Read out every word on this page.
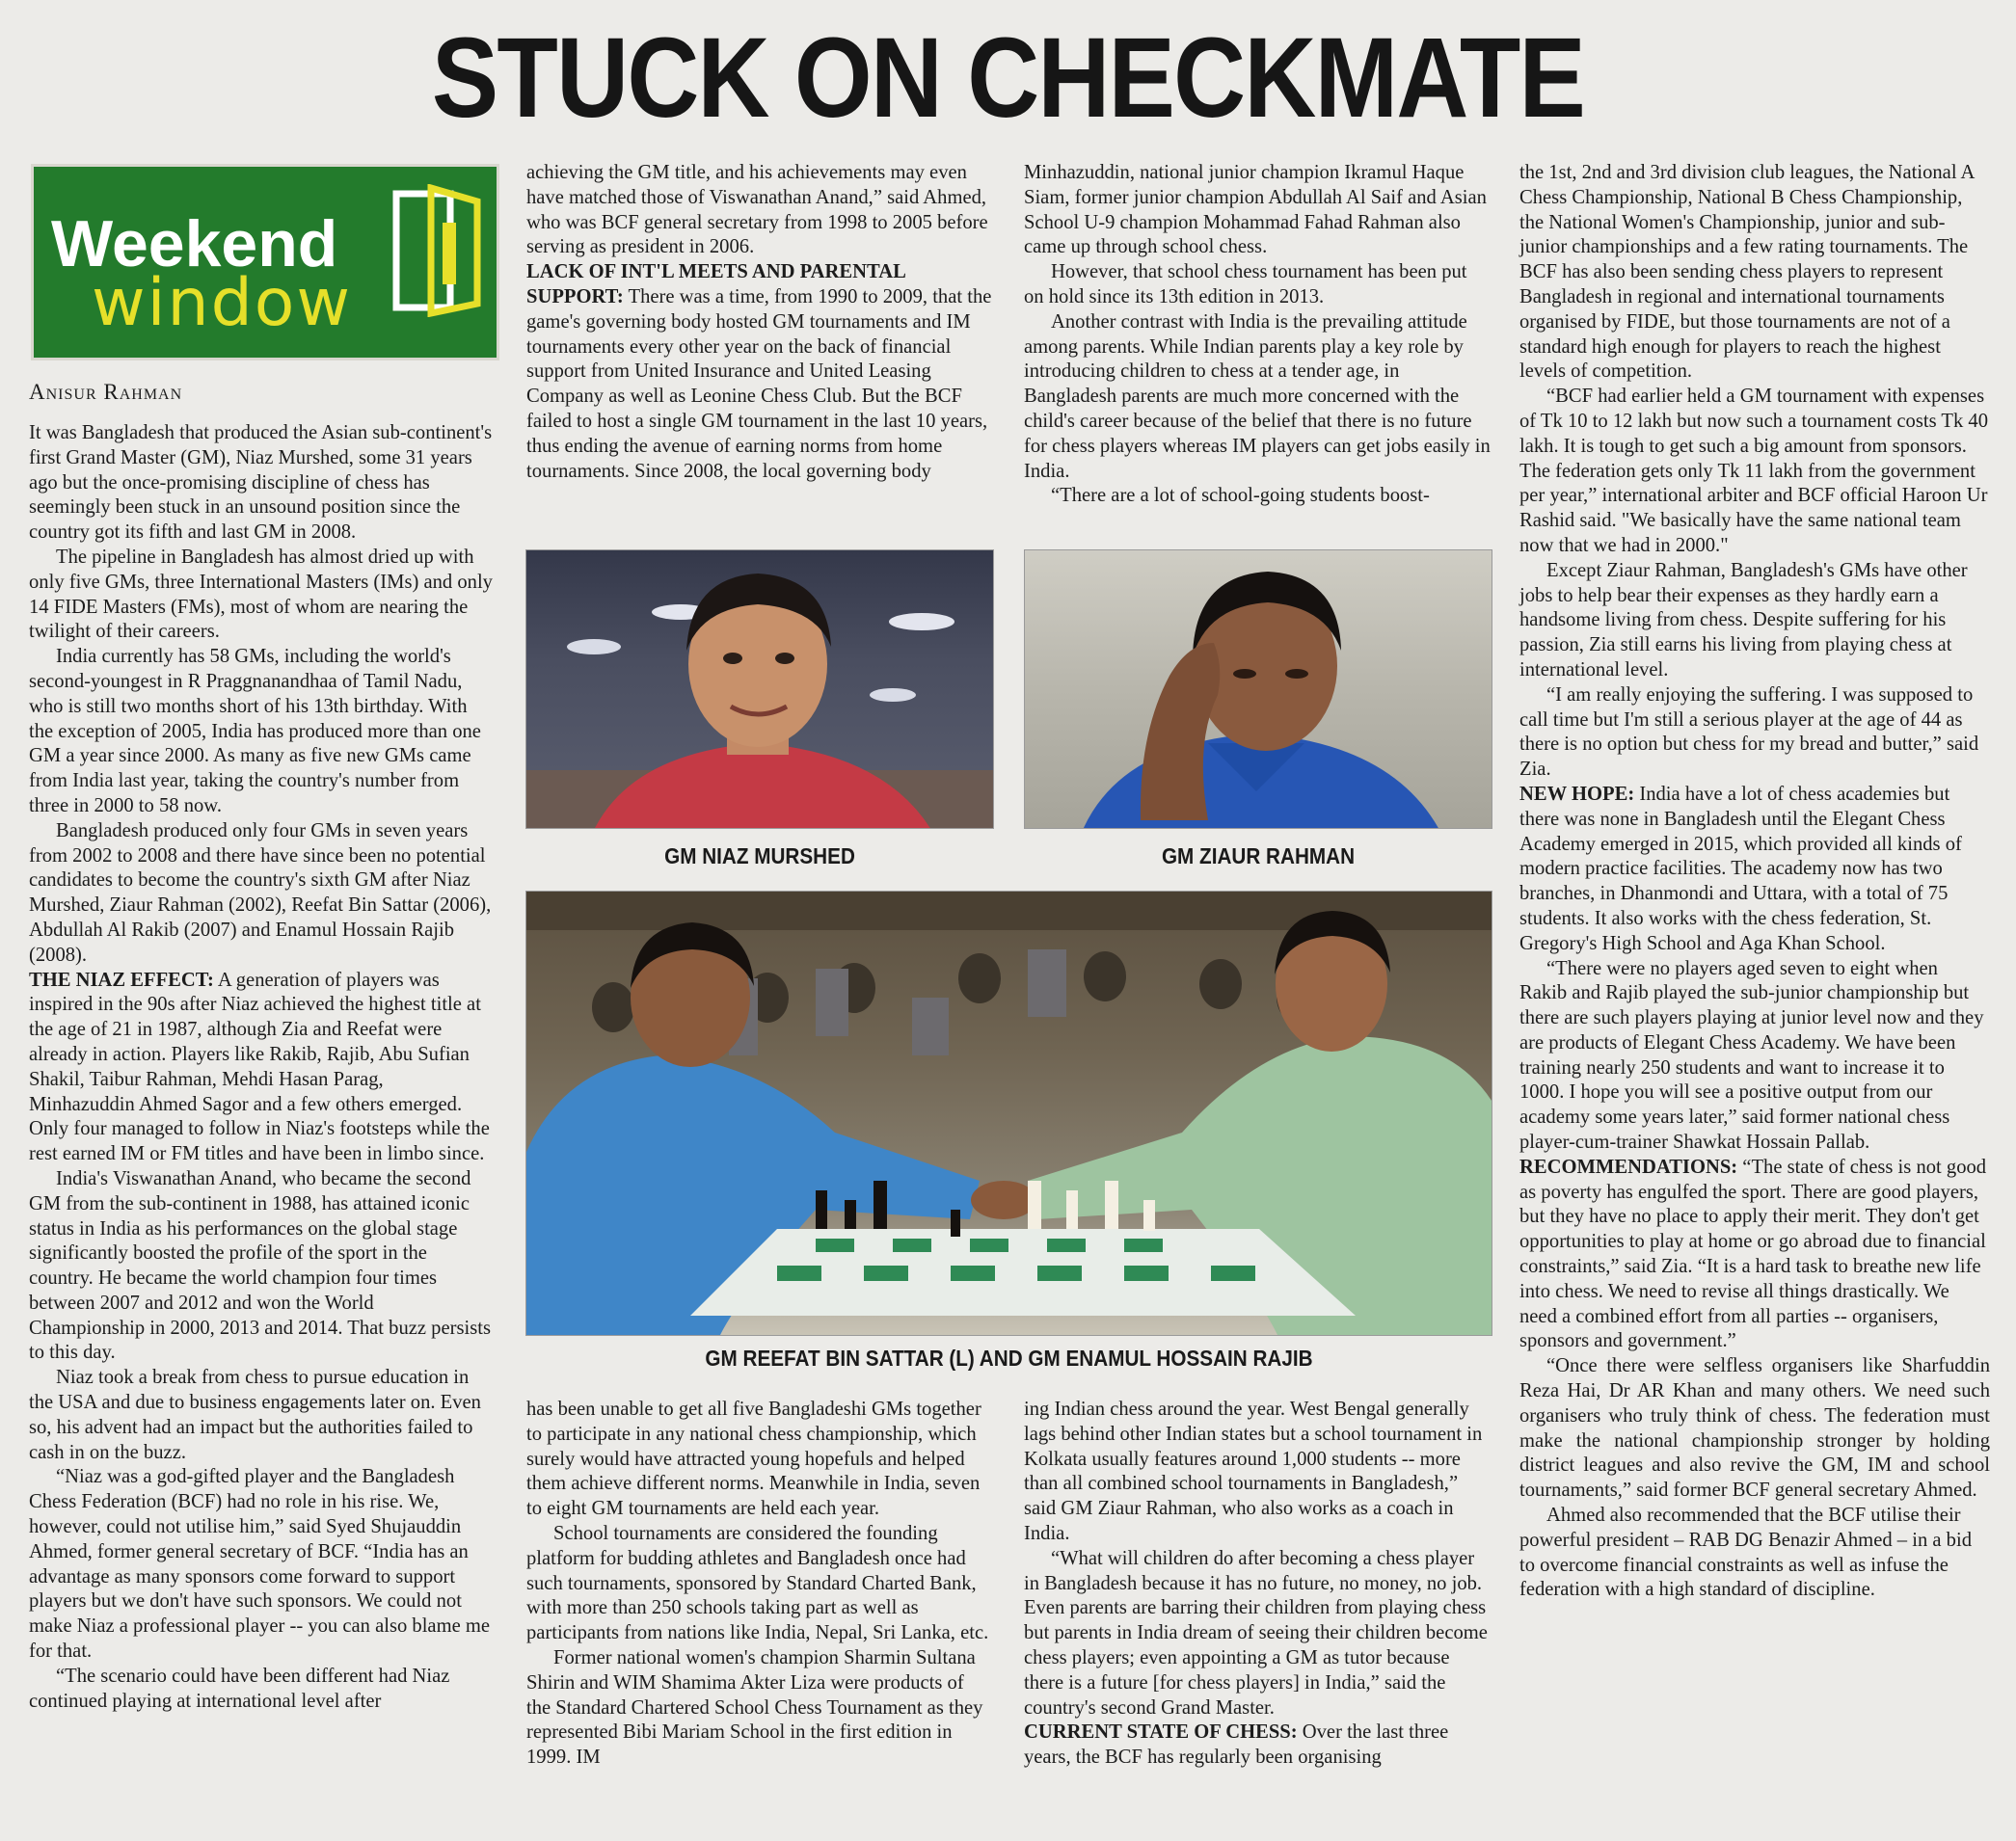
STUCK ON CHECKMATE
Weekend
window
Anisur Rahman

It was Bangladesh that produced the Asian sub-continent's first Grand Master (GM), Niaz Murshed, some 31 years ago but the once-promising discipline of chess has seemingly been stuck in an unsound position since the country got its fifth and last GM in 2008.

The pipeline in Bangladesh has almost dried up with only five GMs, three International Masters (IMs) and only 14 FIDE Masters (FMs), most of whom are nearing the twilight of their careers.

India currently has 58 GMs, including the world's second-youngest in R Praggnanandhaa of Tamil Nadu, who is still two months short of his 13th birthday. With the exception of 2005, India has produced more than one GM a year since 2000. As many as five new GMs came from India last year, taking the country's number from three in 2000 to 58 now.

Bangladesh produced only four GMs in seven years from 2002 to 2008 and there have since been no potential candidates to become the country's sixth GM after Niaz Murshed, Ziaur Rahman (2002), Reefat Bin Sattar (2006), Abdullah Al Rakib (2007) and Enamul Hossain Rajib (2008).

THE NIAZ EFFECT: A generation of players was inspired in the 90s after Niaz achieved the highest title at the age of 21 in 1987, although Zia and Reefat were already in action. Players like Rakib, Rajib, Abu Sufian Shakil, Taibur Rahman, Mehdi Hasan Parag, Minhazuddin Ahmed Sagor and a few others emerged. Only four managed to follow in Niaz's footsteps while the rest earned IM or FM titles and have been in limbo since.

India's Viswanathan Anand, who became the second GM from the sub-continent in 1988, has attained iconic status in India as his performances on the global stage significantly boosted the profile of the sport in the country. He became the world champion four times between 2007 and 2012 and won the World Championship in 2000, 2013 and 2014. That buzz persists to this day.

Niaz took a break from chess to pursue education in the USA and due to business engagements later on. Even so, his advent had an impact but the authorities failed to cash in on the buzz.

“Niaz was a god-gifted player and the Bangladesh Chess Federation (BCF) had no role in his rise. We, however, could not utilise him,” said Syed Shujauddin Ahmed, former general secretary of BCF. “India has an advantage as many sponsors come forward to support players but we don't have such sponsors. We could not make Niaz a professional player -- you can also blame me for that.

“The scenario could have been different had Niaz continued playing at international level after

achieving the GM title, and his achievements may even have matched those of Viswanathan Anand,” said Ahmed, who was BCF general secretary from 1998 to 2005 before serving as president in 2006.

LACK OF INT'L MEETS AND PARENTAL SUPPORT: There was a time, from 1990 to 2009, that the game's governing body hosted GM tournaments and IM tournaments every other year on the back of financial support from United Insurance and United Leasing Company as well as Leonine Chess Club. But the BCF failed to host a single GM tournament in the last 10 years, thus ending the avenue of earning norms from home tournaments. Since 2008, the local governing body

Minhazuddin, national junior champion Ikramul Haque Siam, former junior champion Abdullah Al Saif and Asian School U-9 champion Mohammad Fahad Rahman also came up through school chess.

However, that school chess tournament has been put on hold since its 13th edition in 2013.

Another contrast with India is the prevailing attitude among parents. While Indian parents play a key role by introducing children to chess at a tender age, in Bangladesh parents are much more concerned with the child's career because of the belief that there is no future for chess players whereas IM players can get jobs easily in India.

“There are a lot of school-going students boost-

GM NIAZ MURSHED	GM ZIAUR RAHMAN
GM REEFAT BIN SATTAR (L) AND GM ENAMUL HOSSAIN RAJIB

has been unable to get all five Bangladeshi GMs together to participate in any national chess championship, which surely would have attracted young hopefuls and helped them achieve different norms. Meanwhile in India, seven to eight GM tournaments are held each year.

School tournaments are considered the founding platform for budding athletes and Bangladesh once had such tournaments, sponsored by Standard Charted Bank, with more than 250 schools taking part as well as participants from nations like India, Nepal, Sri Lanka, etc.

Former national women's champion Sharmin Sultana Shirin and WIM Shamima Akter Liza were products of the Standard Chartered School Chess Tournament as they represented Bibi Mariam School in the first edition in 1999. IM

ing Indian chess around the year. West Bengal generally lags behind other Indian states but a school tournament in Kolkata usually features around 1,000 students -- more than all combined school tournaments in Bangladesh,” said GM Ziaur Rahman, who also works as a coach in India.

“What will children do after becoming a chess player in Bangladesh because it has no future, no money, no job. Even parents are barring their children from playing chess but parents in India dream of seeing their children become chess players; even appointing a GM as tutor because there is a future [for chess players] in India,” said the country's second Grand Master.

CURRENT STATE OF CHESS: Over the last three years, the BCF has regularly been organising

the 1st, 2nd and 3rd division club leagues, the National A Chess Championship, National B Chess Championship, the National Women's Championship, junior and sub-junior championships and a few rating tournaments. The BCF has also been sending chess players to represent Bangladesh in regional and international tournaments organised by FIDE, but those tournaments are not of a standard high enough for players to reach the highest levels of competition.

“BCF had earlier held a GM tournament with expenses of Tk 10 to 12 lakh but now such a tournament costs Tk 40 lakh. It is tough to get such a big amount from sponsors. The federation gets only Tk 11 lakh from the government per year,” international arbiter and BCF official Haroon Ur Rashid said. "We basically have the same national team now that we had in 2000."

Except Ziaur Rahman, Bangladesh's GMs have other jobs to help bear their expenses as they hardly earn a handsome living from chess. Despite suffering for his passion, Zia still earns his living from playing chess at international level.

“I am really enjoying the suffering. I was supposed to call time but I'm still a serious player at the age of 44 as there is no option but chess for my bread and butter,” said Zia.

NEW HOPE: India have a lot of chess academies but there was none in Bangladesh until the Elegant Chess Academy emerged in 2015, which provided all kinds of modern practice facilities. The academy now has two branches, in Dhanmondi and Uttara, with a total of 75 students. It also works with the chess federation, St. Gregory's High School and Aga Khan School.

“There were no players aged seven to eight when Rakib and Rajib played the sub-junior championship but there are such players playing at junior level now and they are products of Elegant Chess Academy. We have been training nearly 250 students and want to increase it to 1000. I hope you will see a positive output from our academy some years later,” said former national chess player-cum-trainer Shawkat Hossain Pallab.

RECOMMENDATIONS: “The state of chess is not good as poverty has engulfed the sport. There are good players, but they have no place to apply their merit. They don't get opportunities to play at home or go abroad due to financial constraints,” said Zia. “It is a hard task to breathe new life into chess. We need to revise all things drastically. We need a combined effort from all parties -- organisers, sponsors and government.”

“Once there were selfless organisers like Sharfuddin Reza Hai, Dr AR Khan and many others. We need such organisers who truly think of chess. The federation must make the national championship stronger by holding district leagues and also revive the GM, IM and school tournaments,” said former BCF general secretary Ahmed.

Ahmed also recommended that the BCF utilise their powerful president – RAB DG Benazir Ahmed – in a bid to overcome financial constraints as well as infuse the federation with a high standard of discipline.
